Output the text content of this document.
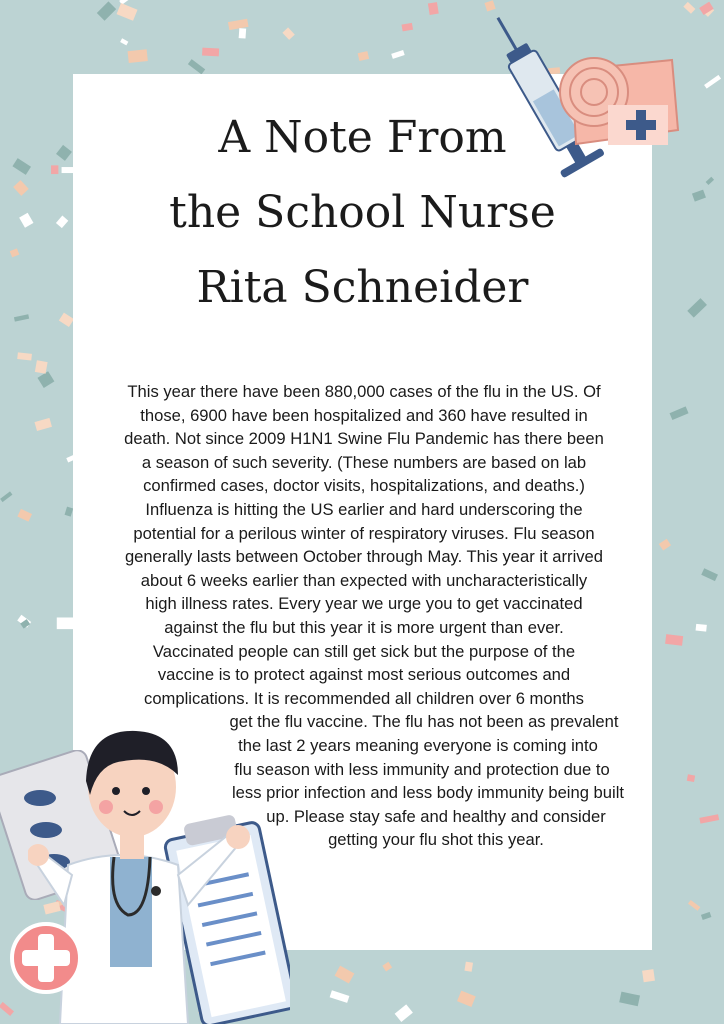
A Note From
the School Nurse
Rita Schneider

This year there have been 880,000 cases of the flu in the US. Of
those, 6900 have been hospitalized and 360 have resulted in
death. Not since 2009 H1N1 Swine Flu Pandemic has there been
a season of such severity. (These numbers are based on lab
confirmed cases, doctor visits, hospitalizations, and deaths.)
Influenza is hitting the US earlier and hard underscoring the
potential for a perilous winter of respiratory viruses. Flu season
generally lasts between October through May. This year it arrived
about 6 weeks earlier than expected with uncharacteristically
high illness rates. Every year we urge you to get vaccinated
against the flu but this year it is more urgent than ever.
Vaccinated people can still get sick but the purpose of the
vaccine is to protect against most serious outcomes and
complications. It is recommended all children over 6 months
get the flu vaccine. The flu has not been as prevalent
the last 2 years meaning everyone is coming into
flu season with less immunity and protection due to
less prior infection and less body immunity being built
up. Please stay safe and healthy and consider
getting your flu shot this year.
